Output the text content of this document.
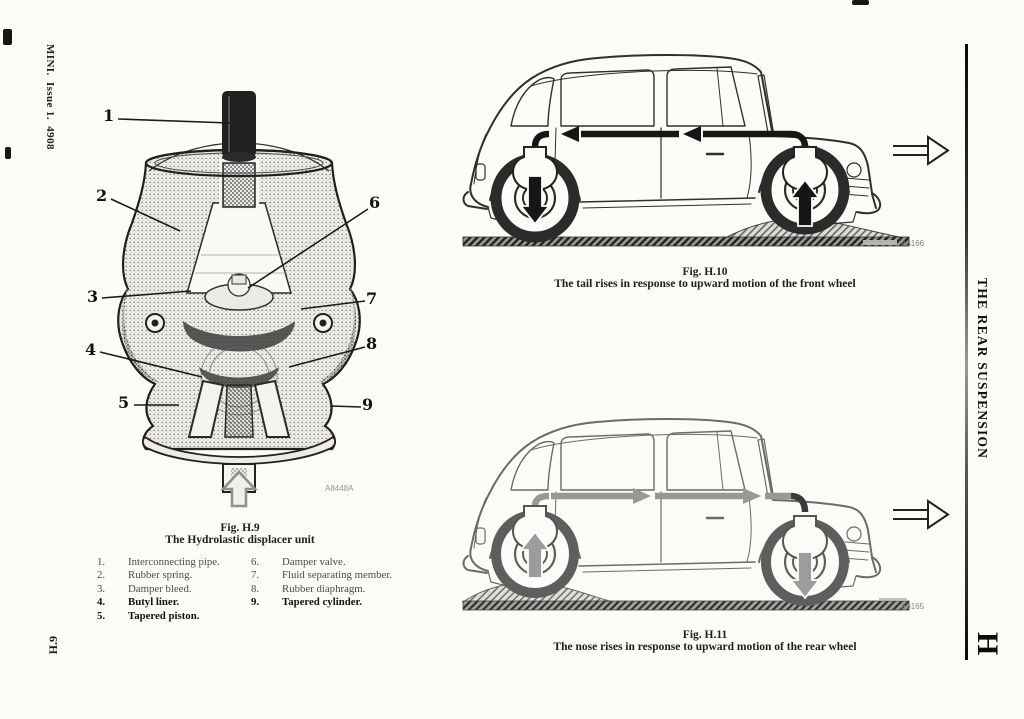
MINI.  Issue 1.  4908
H.9
THE REAR SUSPENSION
H
A8448A
1
2
3
4
5
6
7
8
9
Fig. H.9
The Hydrolastic displacer unit
1.	Interconnecting pipe.
2.	Rubber spring.
3.	Damper bleed.
4.	Butyl liner.
5.	Tapered piston.
6.	Damper valve.
7.	Fluid separating member.
8.	Rubber diaphragm.
9.	Tapered cylinder.
A6166
Fig. H.10
The tail rises in response to upward motion of the front wheel
A6165
Fig. H.11
The nose rises in response to upward motion of the rear wheel
